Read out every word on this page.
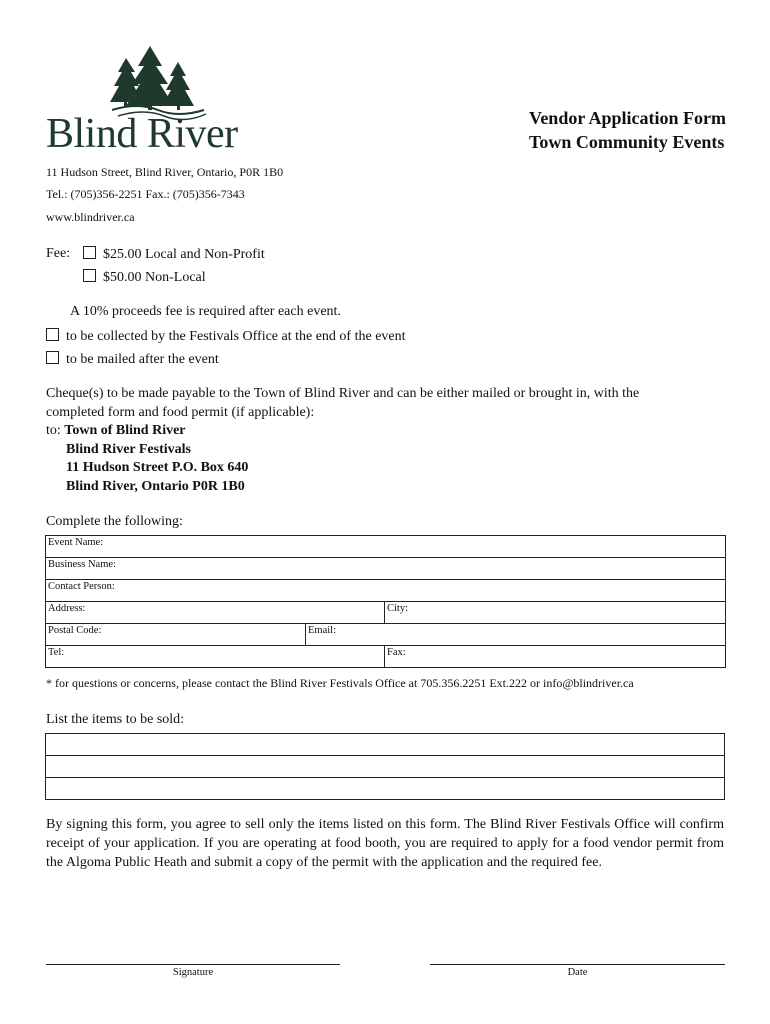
Blind River	Vendor Application Form
Town Community Events
11 Hudson Street, Blind River, Ontario, P0R 1B0
Tel.: (705)356-2251 Fax.: (705)356-7343
www.blindriver.ca
Fee:	$25.00 Local and Non-Profit
$50.00 Non-Local
A 10% proceeds fee is required after each event.
to be collected by the Festivals Office at the end of the event
to be mailed after the event
Cheque(s) to be made payable to the Town of Blind River and can be either mailed or brought in, with the
completed form and food permit (if applicable):
to: Town of Blind River
Blind River Festivals
11 Hudson Street P.O. Box 640
Blind River, Ontario P0R 1B0
Complete the following:
Event Name:		
Business Name:		
Contact Person:		
Address:		City:
Postal Code:	Email:	
Tel:		Fax:
* for questions or concerns, please contact the Blind River Festivals Office at 705.356.2251 Ext.222 or info@blindriver.ca
List the items to be sold:

By signing this form, you agree to sell only the items listed on this form. The Blind River Festivals Office will confirm receipt of your application. If you are operating at food booth, you are required to apply for a food vendor permit from the Algoma Public Heath and submit a copy of the permit with the application and the required fee.
Signature	Date
